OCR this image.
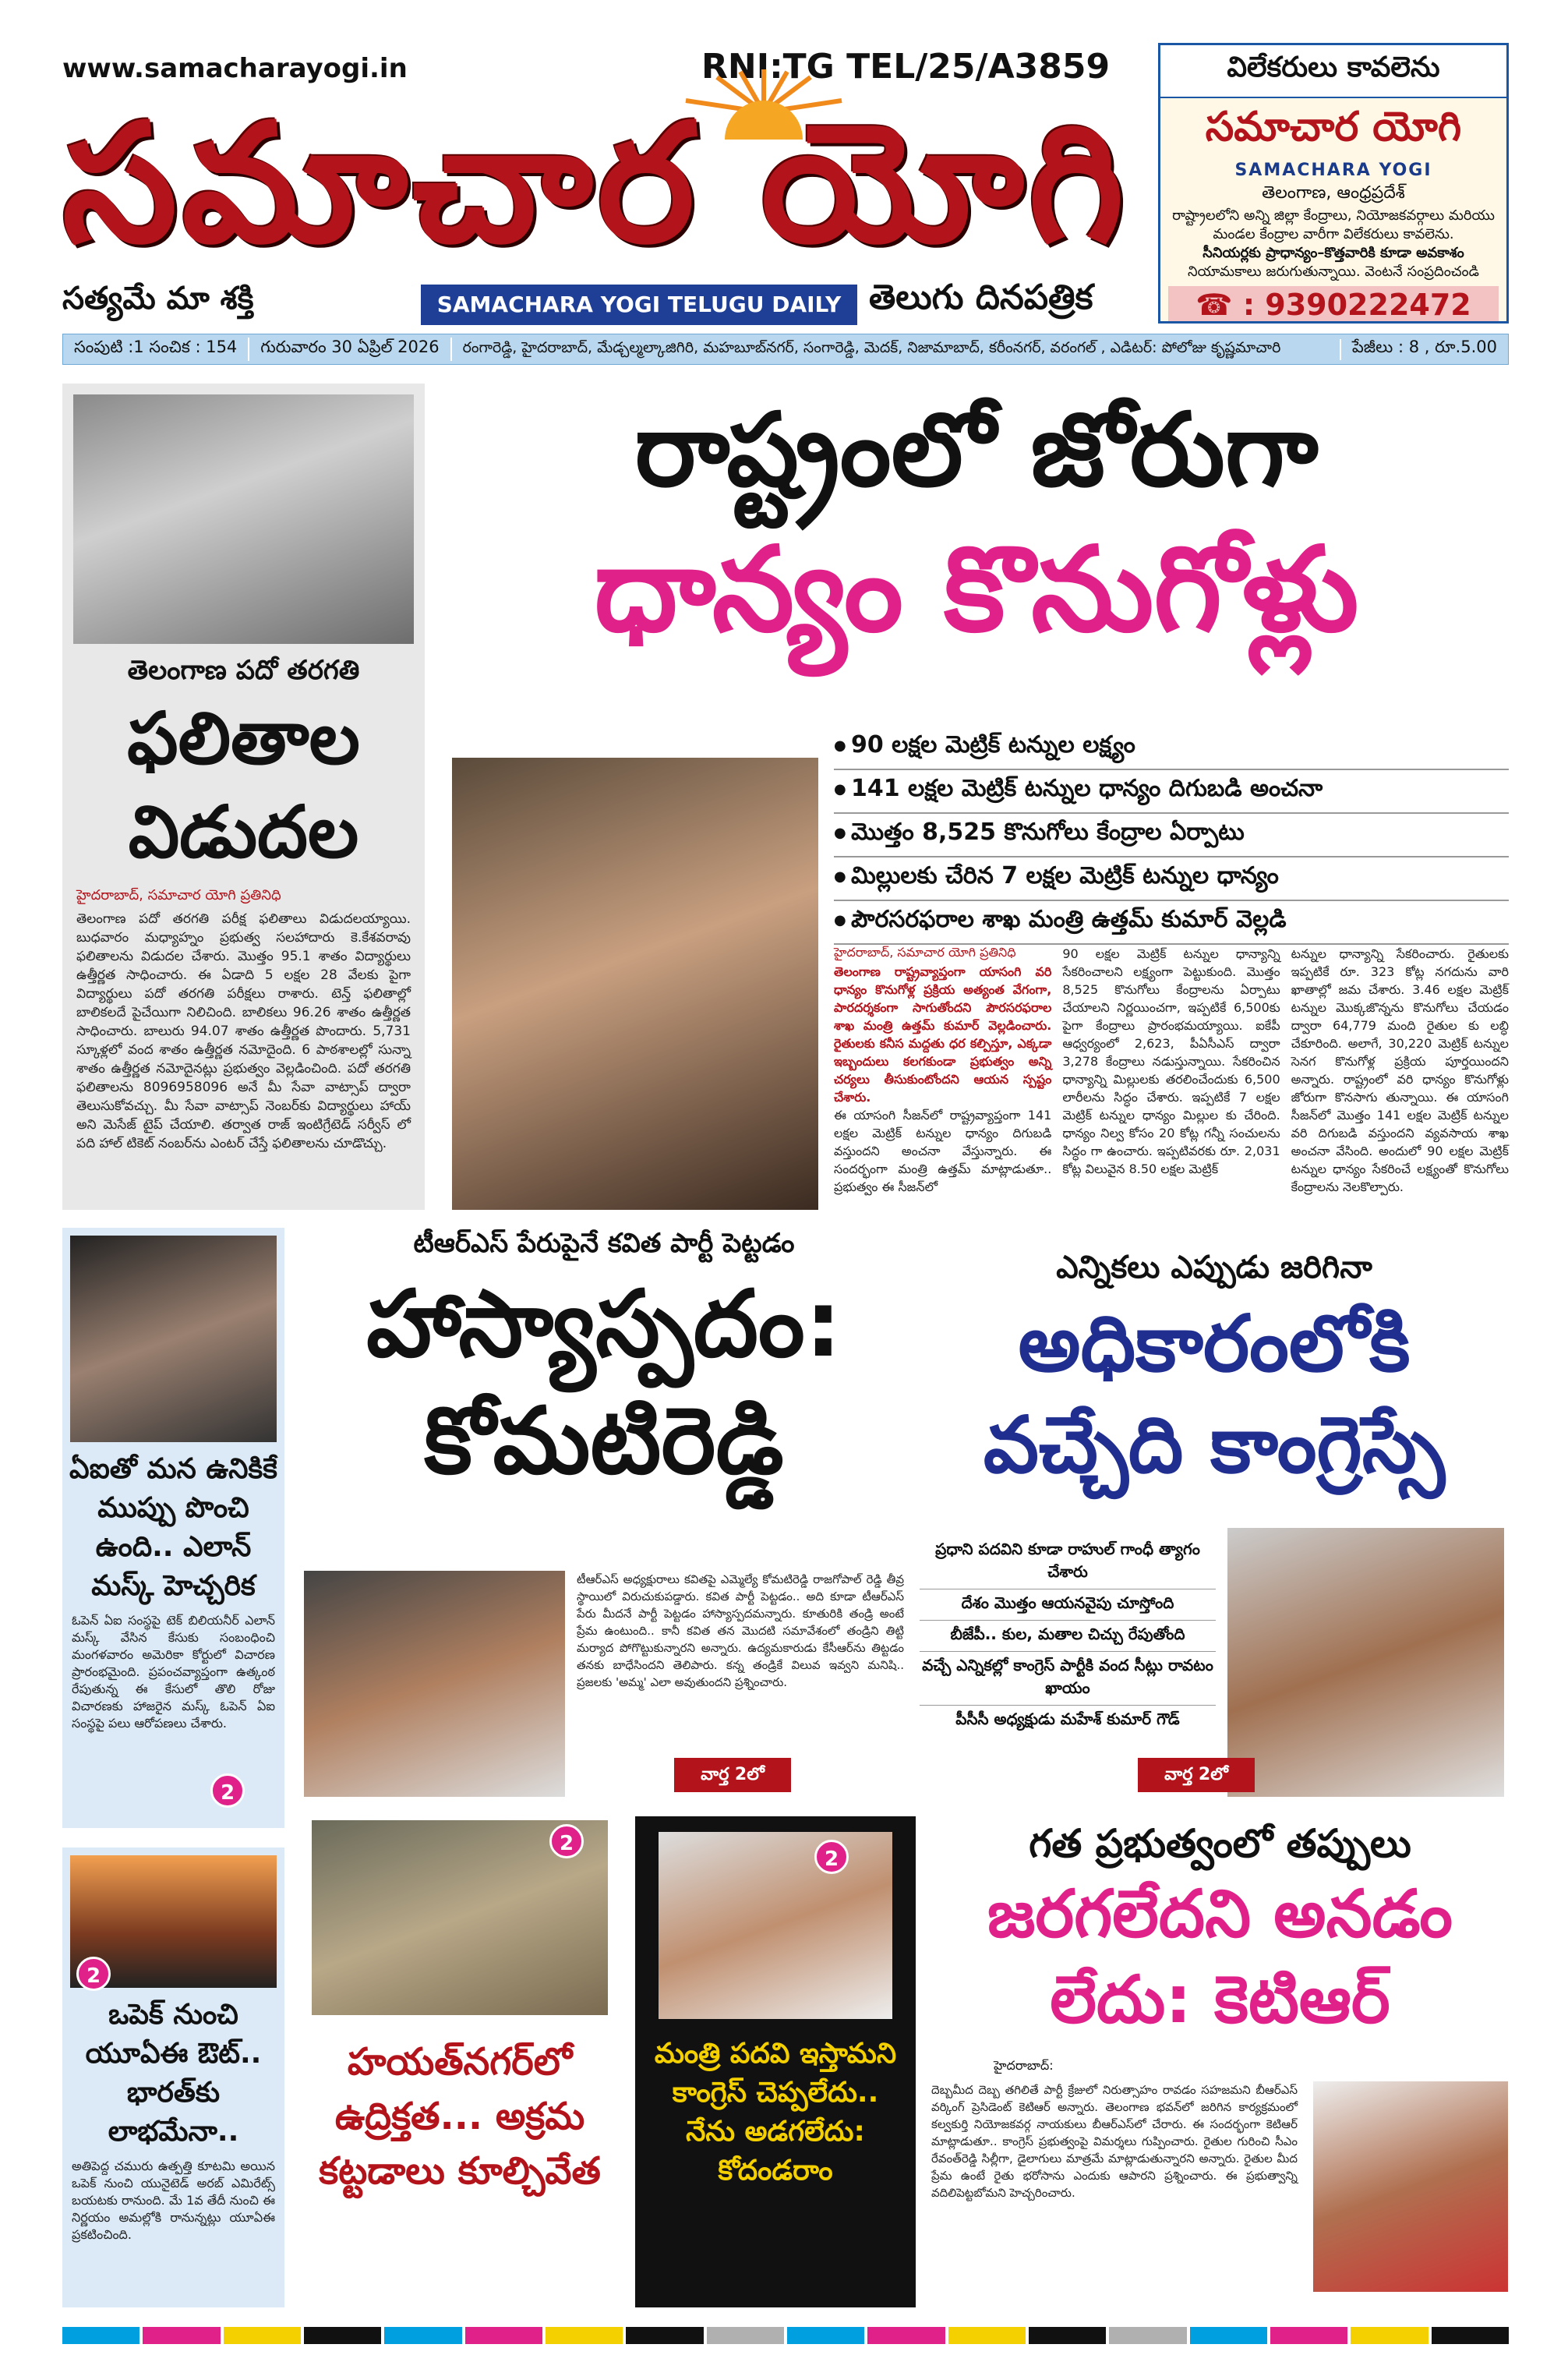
www.samacharayogi.in	RNI:TG TEL/25/A3859
సమాచార యోగి
సత్యమే మా శక్తి	SAMACHARA YOGI TELUGU DAILY తెలుగు దినపత్రిక
విలేకరులు కావలెను
సమాచార యోగి
SAMACHARA YOGI
తెలంగాణ, ఆంధ్రప్రదేశ్
రాష్ట్రాలలోని అన్ని జిల్లా కేంద్రాలు, నియోజకవర్గాలు మరియు మండల కేంద్రాల వారీగా విలేకరులు కావలెను.
సీనియర్లకు ప్రాధాన్యం–కొత్తవారికి కూడా అవకాశం
నియామకాలు జరుగుతున్నాయి. వెంటనే సంప్రదించండి
☎ : 9390222472
సంపుటి :1 సంచిక : 154	గురువారం 30 ఏప్రిల్ 2026	రంగారెడ్డి, హైదరాబాద్, మేడ్చల్మల్కాజిగిరి, మహబూబ్‌నగర్, సంగారెడ్డి, మెదక్, నిజామాబాద్, కరీంనగర్, వరంగల్ , ఎడిటర్: పోలోజు కృష్ణమాచారి	పేజీలు : 8 , రూ.5.00
తెలంగాణ పదో తరగతి
ఫలితాల
విడుదల
హైదరాబాద్, సమాచార యోగి ప్రతినిధి
తెలంగాణ పదో తరగతి పరీక్ష ఫలితాలు విడుదలయ్యాయి. బుధవారం మధ్యాహ్నం ప్రభుత్వ సలహాదారు కె.కేశవరావు ఫలితాలను విడుదల చేశారు. మొత్తం 95.1 శాతం విద్యార్థులు ఉత్తీర్ణత సాధించారు. ఈ ఏడాది 5 లక్షల 28 వేలకు పైగా విద్యార్థులు పదో తరగతి పరీక్షలు రాశారు. టెన్త్ ఫలితాల్లో బాలికలదే పైచేయిగా నిలిచింది. బాలికలు 96.26 శాతం ఉత్తీర్ణత సాధించారు. బాలురు 94.07 శాతం ఉత్తీర్ణత పొందారు. 5,731 స్కూళ్లలో వంద శాతం ఉత్తీర్ణత నమోదైంది. 6 పాఠశాలల్లో సున్నా శాతం ఉత్తీర్ణత నమోదైనట్లు ప్రభుత్వం వెల్లడించింది. పదో తరగతి ఫలితాలను 8096958096 అనే మీ సేవా వాట్సాప్ ద్వారా తెలుసుకోవచ్చు. మీ సేవా వాట్సాప్ నెంబర్‌కు విద్యార్థులు హాయ్ అని మెసేజ్ టైప్ చేయాలి. తర్వాత రాజ్ ఇంటిగ్రేటెడ్ సర్వీస్ లో పది హాల్ టికెట్ నంబర్‌ను ఎంటర్ చేస్తే ఫలితాలను చూడొచ్చు.
రాష్ట్రంలో జోరుగా
ధాన్యం కొనుగోళ్లు
● 90 లక్షల మెట్రిక్ టన్నుల లక్ష్యం
● 141 లక్షల మెట్రిక్ టన్నుల ధాన్యం దిగుబడి అంచనా
● మొత్తం 8,525 కొనుగోలు కేంద్రాల ఏర్పాటు
● మిల్లులకు చేరిన 7 లక్షల మెట్రిక్ టన్నుల ధాన్యం
● పౌరసరఫరాల శాఖ మంత్రి ఉత్తమ్ కుమార్ వెల్లడి
హైదరాబాద్, సమాచార యోగి ప్రతినిధి
తెలంగాణ రాష్ట్రవ్యాప్తంగా యాసంగి వరి ధాన్యం కొనుగోళ్ల ప్రక్రియ అత్యంత వేగంగా, పారదర్శకంగా సాగుతోందని పౌరసరఫరాల శాఖ మంత్రి ఉత్తమ్ కుమార్ వెల్లడించారు. రైతులకు కనీస మద్దతు ధర కల్పిస్తూ, ఎక్కడా ఇబ్బందులు కలగకుండా ప్రభుత్వం అన్ని చర్యలు తీసుకుంటోందని ఆయన స్పష్టం చేశారు.
ఈ యాసంగి సీజన్‌లో రాష్ట్రవ్యాప్తంగా 141 లక్షల మెట్రిక్ టన్నుల ధాన్యం దిగుబడి వస్తుందని అంచనా వేస్తున్నారు. ఈ సందర్భంగా మంత్రి ఉత్తమ్ మాట్లాడుతూ.. ప్రభుత్వం ఈ సీజన్‌లో
90 లక్షల మెట్రిక్ టన్నుల ధాన్యాన్ని సేకరించాలని లక్ష్యంగా పెట్టుకుంది. మొత్తం 8,525 కొనుగోలు కేంద్రాలను ఏర్పాటు చేయాలని నిర్ణయించగా, ఇప్పటికే 6,500కు పైగా కేంద్రాలు ప్రారంభమయ్యాయి. ఐకేపీ ఆధ్వర్యంలో 2,623, పీఏసీఎస్ ద్వారా 3,278 కేంద్రాలు నడుస్తున్నాయి. సేకరించిన ధాన్యాన్ని మిల్లులకు తరలించేందుకు 6,500 లారీలను సిద్ధం చేశారు. ఇప్పటికే 7 లక్షల మెట్రిక్ టన్నుల ధాన్యం మిల్లుల కు చేరింది. ధాన్యం నిల్వ కోసం 20 కోట్ల గన్నీ సంచులను సిద్ధం గా ఉంచారు. ఇప్పటివరకు రూ. 2,031 కోట్ల విలువైన 8.50 లక్షల మెట్రిక్
టన్నుల ధాన్యాన్ని సేకరించారు. రైతులకు ఇప్పటికే రూ. 323 కోట్ల నగదును వారి ఖాతాల్లో జమ చేశారు. 3.46 లక్షల మెట్రిక్ టన్నుల మొక్కజొన్నను కొనుగోలు చేయడం ద్వారా 64,779 మంది రైతుల కు లబ్ధి చేకూరింది. అలాగే, 30,220 మెట్రిక్ టన్నుల సెనగ కొనుగోళ్ల ప్రక్రియ పూర్తయిందని అన్నారు. రాష్ట్రంలో వరి ధాన్యం కొనుగోళ్లు జోరుగా కొనసాగు తున్నాయి. ఈ యాసంగి సీజన్‌లో మొత్తం 141 లక్షల మెట్రిక్ టన్నుల వరి దిగుబడి వస్తుందని వ్యవసాయ శాఖ అంచనా వేసింది. అందులో 90 లక్షల మెట్రిక్ టన్నుల ధాన్యం సేకరించే లక్ష్యంతో కొనుగోలు కేంద్రాలను నెలకొల్పారు.
ఏఐతో మన ఉనికికే ముప్పు పొంచి ఉంది.. ఎలాన్ మస్క్ హెచ్చరిక
ఓపెన్ ఏఐ సంస్థపై టెక్ బిలియనీర్ ఎలాన్ మస్క్ వేసిన కేసుకు సంబంధించి మంగళవారం అమెరికా కోర్టులో విచారణ ప్రారంభమైంది. ప్రపంచవ్యాప్తంగా ఉత్కంఠ రేపుతున్న ఈ కేసులో తొలి రోజు విచారణకు హాజరైన మస్క్ ఓపెన్ ఏఐ సంస్థపై పలు ఆరోపణలు చేశారు.
2
2
ఒపెక్ నుంచి యూఏఈ ఔట్.. భారత్‌కు లాభమేనా..
అతిపెద్ద చమురు ఉత్పత్తి కూటమి అయిన ఒపెక్ నుంచి యునైటెడ్ అరబ్ ఎమిరేట్స్ బయటకు రానుంది. మే 1వ తేదీ నుంచి ఈ నిర్ణయం అమల్లోకి రానున్నట్లు యూఏఈ ప్రకటించింది.
టీఆర్ఎస్ పేరుపైనే కవిత పార్టీ పెట్టడం
హాస్యాస్పదం:
కోమటిరెడ్డి
టీఆర్ఎస్ అధ్యక్షురాలు కవితపై ఎమ్మెల్యే కోమటిరెడ్డి రాజగోపాల్ రెడ్డి తీవ్ర స్థాయిలో విరుచుకుపడ్డారు. కవిత పార్టీ పెట్టడం.. అది కూడా టీఆర్ఎస్ పేరు మీదనే పార్టీ పెట్టడం హాస్యాస్పదమన్నారు. కూతురికి తండ్రి అంటే ప్రేమ ఉంటుంది.. కానీ కవిత తన మొదటి సమావేశంలో తండ్రిని తిట్టి మర్యాద పోగొట్టుకున్నారని అన్నారు. ఉద్యమకారుడు కేసీఆర్‌ను తిట్టడం తనకు బాధేసిందని తెలిపారు. కన్న తండ్రికే విలువ ఇవ్వని మనిషి.. ప్రజలకు 'అమ్మ' ఎలా అవుతుందని ప్రశ్నించారు.
వార్త 2లో
ఎన్నికలు ఎప్పుడు జరిగినా
అధికారంలోకి
వచ్చేది కాంగ్రెస్సే
ప్రధాని పదవిని కూడా రాహుల్ గాంధీ త్యాగం చేశారు
దేశం మొత్తం ఆయనవైపు చూస్తోంది
బీజేపీ.. కుల, మతాల చిచ్చు రేపుతోంది
వచ్చే ఎన్నికల్లో కాంగ్రెస్ పార్టీకి వంద సీట్లు రావటం ఖాయం
పీసీసీ అధ్యక్షుడు మహేశ్ కుమార్ గౌడ్
వార్త 2లో
2
హయత్‌నగర్‌లో ఉద్రిక్తత... అక్రమ కట్టడాలు కూల్చివేత
2
మంత్రి పదవి ఇస్తామని కాంగ్రెస్ చెప్పలేదు..
నేను అడగలేదు: కోదండరాం
గత ప్రభుత్వంలో తప్పులు
జరగలేదని అనడం
లేదు: కెటిఆర్
హైదరాబాద్:
దెబ్బమీద దెబ్బ తగిలితే పార్టీ క్రేజులో నిరుత్సాహం రావడం సహజమని బీఆర్ఎస్ వర్కింగ్ ప్రెసిడెంట్ కెటిఆర్ అన్నారు. తెలంగాణ భవన్‌లో జరిగిన కార్యక్రమంలో కల్వకుర్తి నియోజకవర్గ నాయకులు బీఆర్ఎస్‌లో చేరారు. ఈ సందర్భంగా కెటిఆర్ మాట్లాడుతూ.. కాంగ్రెస్ ప్రభుత్వంపై విమర్శలు గుప్పించారు. రైతుల గురించి సీఎం రేవంత్‌రెడ్డి సిల్లీగా, డైలాగులు మాత్రమే మాట్లాడుతున్నారని అన్నారు. రైతుల మీద ప్రేమ ఉంటే రైతు భరోసాను ఎందుకు ఆపారని ప్రశ్నించారు. ఈ ప్రభుత్వాన్ని వదిలిపెట్టబోమని హెచ్చరించారు.
